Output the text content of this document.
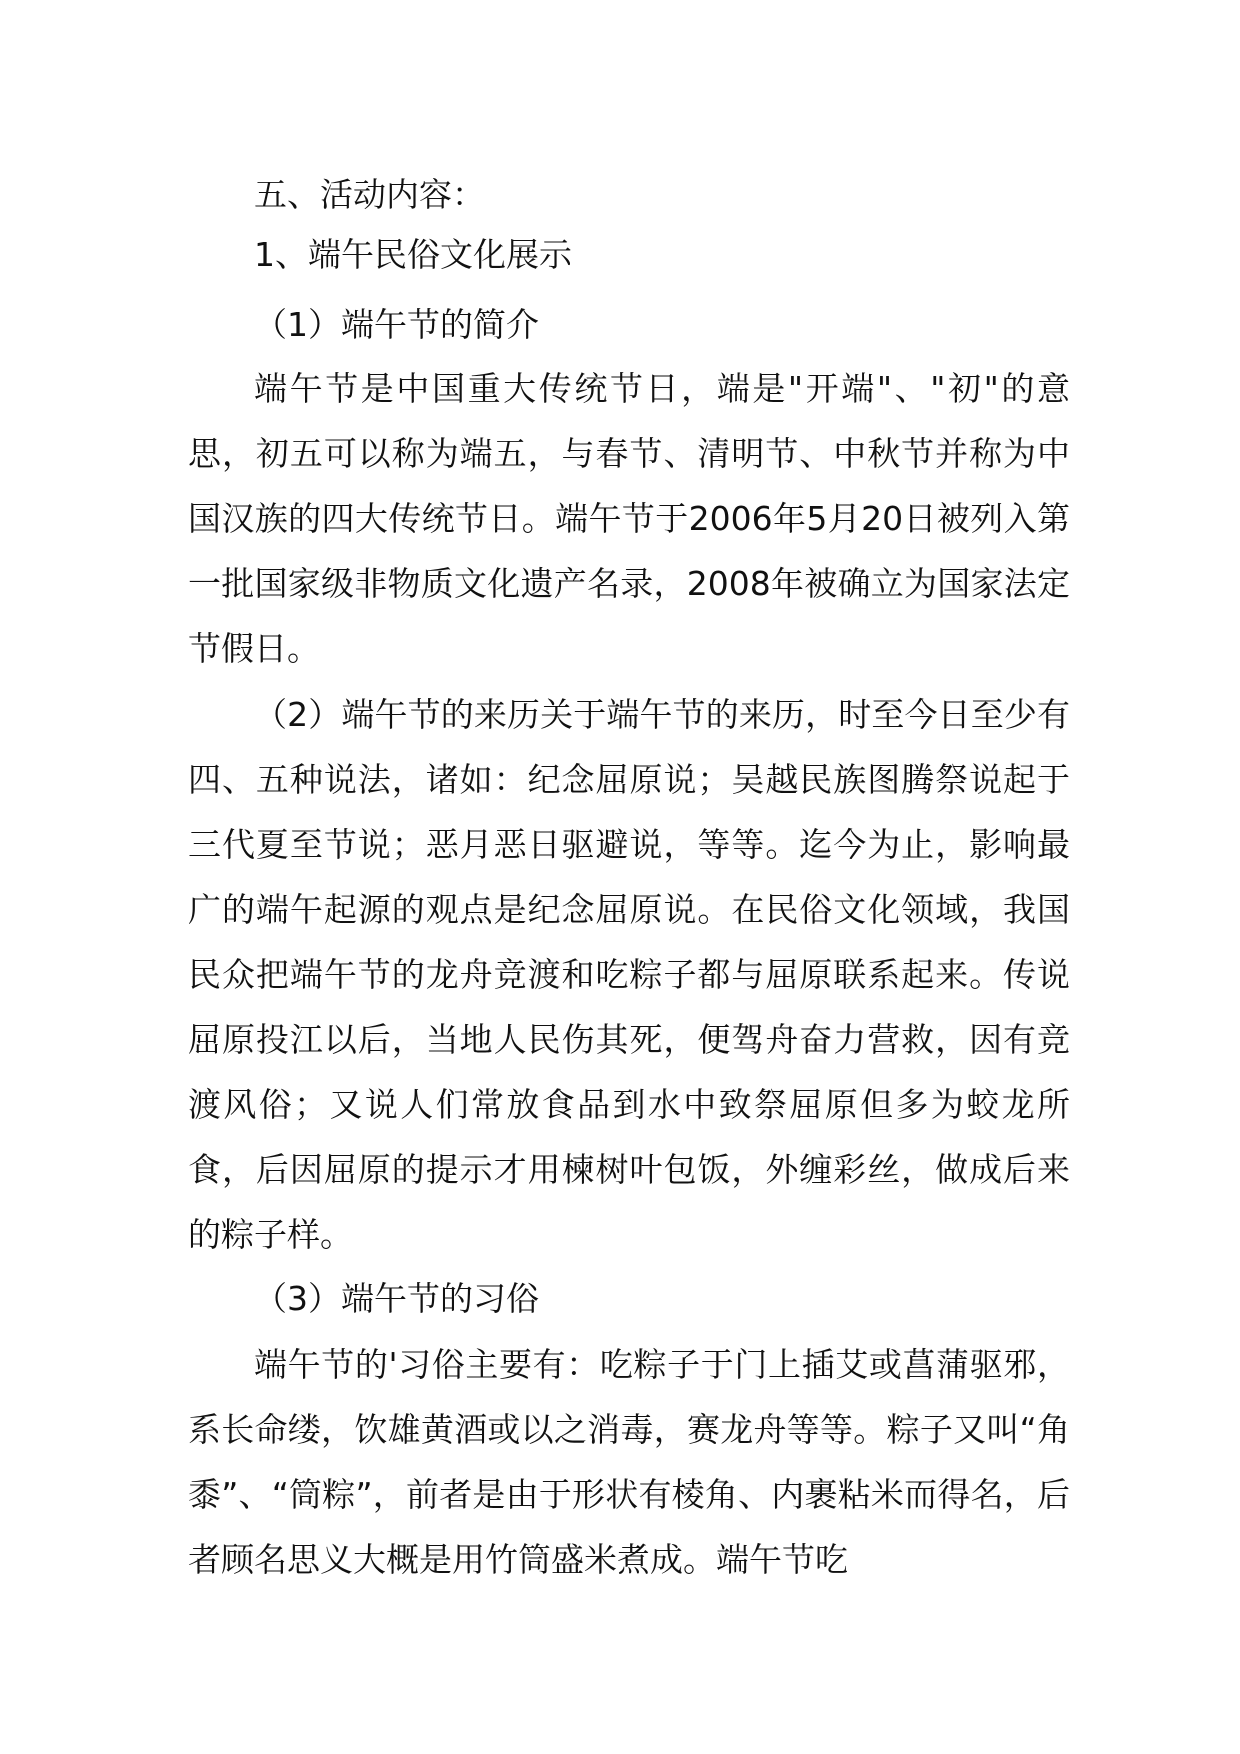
五、活动内容：
1、端午民俗文化展示
（1）端午节的简介

端午节是中国重大传统节日，端是"开端"、"初"的意思，初五可以称为端五，与春节、清明节、中秋节并称为中国汉族的四大传统节日。端午节于2006年5月20日被列入第一批国家级非物质文化遗产名录，2008年被确立为国家法定节假日。

（2）端午节的来历关于端午节的来历，时至今日至少有四、五种说法，诸如：纪念屈原说；吴越民族图腾祭说起于三代夏至节说；恶月恶日驱避说，等等。迄今为止，影响最广的端午起源的观点是纪念屈原说。在民俗文化领域，我国民众把端午节的龙舟竞渡和吃粽子都与屈原联系起来。传说屈原投江以后，当地人民伤其死，便驾舟奋力营救，因有竞渡风俗；又说人们常放食品到水中致祭屈原但多为蛟龙所食，后因屈原的提示才用楝树叶包饭，外缠彩丝，做成后来的粽子样。

（3）端午节的习俗

端午节的'习俗主要有：吃粽子于门上插艾或菖蒲驱邪，系长命缕，饮雄黄酒或以之消毒，赛龙舟等等。粽子又叫“角黍”、“筒粽”，前者是由于形状有棱角、内裹粘米而得名，后者顾名思义大概是用竹筒盛米煮成。端午节吃
